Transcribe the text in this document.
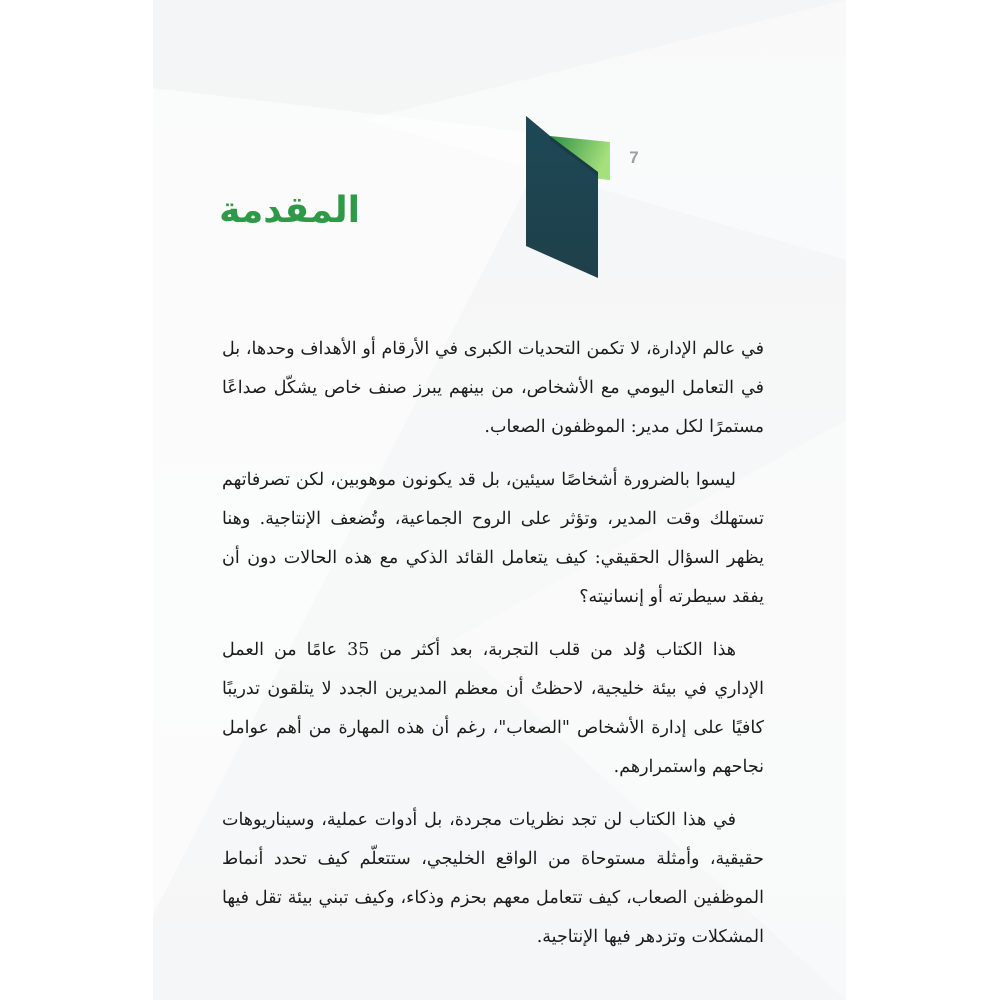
7
المقدمة

في عالم الإدارة، لا تكمن التحديات الكبرى في الأرقام أو الأهداف وحدها، بل في التعامل اليومي مع الأشخاص، من بينهم يبرز صنف خاص يشكّل صداعًا مستمرًا لكل مدير: الموظفون الصعاب.

ليسوا بالضرورة أشخاصًا سيئين، بل قد يكونون موهوبين، لكن تصرفاتهم تستهلك وقت المدير، وتؤثر على الروح الجماعية، وتُضعف الإنتاجية. وهنا يظهر السؤال الحقيقي: كيف يتعامل القائد الذكي مع هذه الحالات دون أن يفقد سيطرته أو إنسانيته؟

هذا الكتاب وُلد من قلب التجربة، بعد أكثر من 35 عامًا من العمل الإداري في بيئة خليجية، لاحظتُ أن معظم المديرين الجدد لا يتلقون تدريبًا كافيًا على إدارة الأشخاص "الصعاب"، رغم أن هذه المهارة من أهم عوامل نجاحهم واستمرارهم.

في هذا الكتاب لن تجد نظريات مجردة، بل أدوات عملية، وسيناريوهات حقيقية، وأمثلة مستوحاة من الواقع الخليجي، ستتعلّم كيف تحدد أنماط الموظفين الصعاب، كيف تتعامل معهم بحزم وذكاء، وكيف تبني بيئة تقل فيها المشكلات وتزدهر فيها الإنتاجية.
